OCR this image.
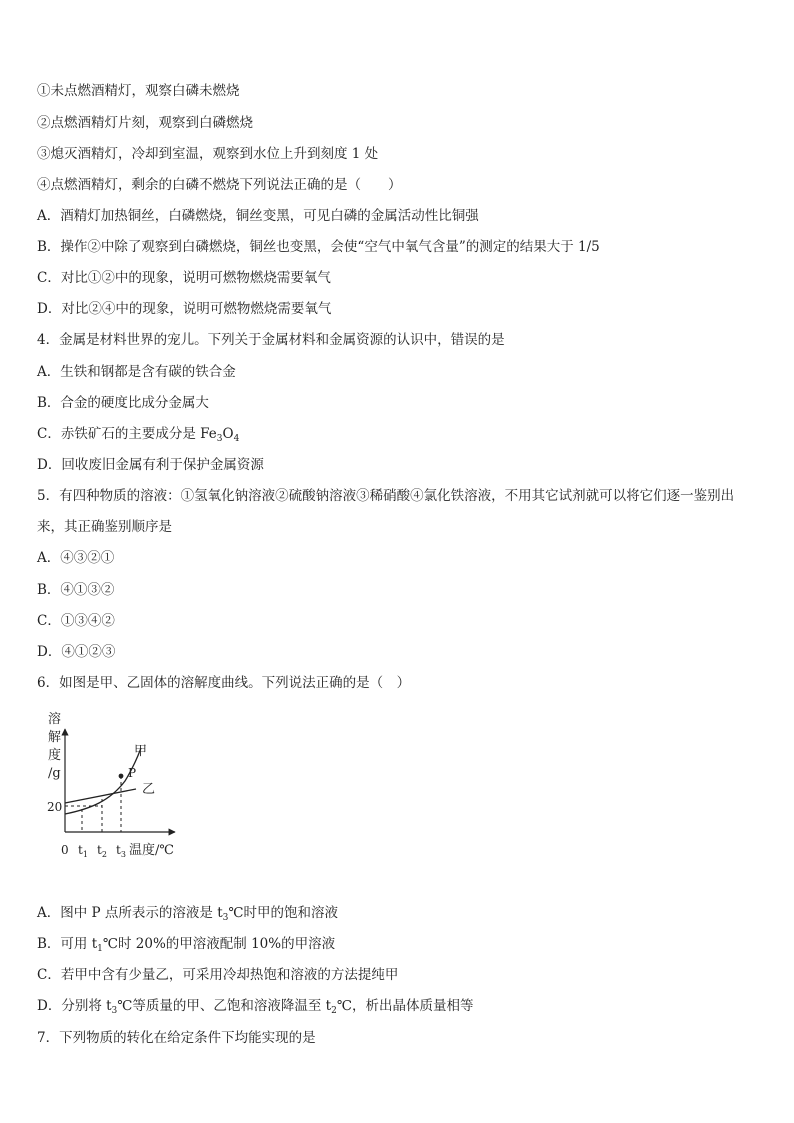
①未点燃酒精灯，观察白磷未燃烧
②点燃酒精灯片刻，观察到白磷燃烧
③熄灭酒精灯，冷却到室温，观察到水位上升到刻度 1 处
④点燃酒精灯，剩余的白磷不燃烧下列说法正确的是（　　）
A．酒精灯加热铜丝，白磷燃烧，铜丝变黑，可见白磷的金属活动性比铜强
B．操作②中除了观察到白磷燃烧，铜丝也变黑，会使“空气中氧气含量”的测定的结果大于 1/5
C．对比①②中的现象，说明可燃物燃烧需要氧气
D．对比②④中的现象，说明可燃物燃烧需要氧气
4．金属是材料世界的宠儿。下列关于金属材料和金属资源的认识中，错误的是
A．生铁和钢都是含有碳的铁合金
B．合金的硬度比成分金属大
C．赤铁矿石的主要成分是 $Fe_3O_4$
D．回收废旧金属有利于保护金属资源
5．有四种物质的溶液：①氢氧化钠溶液②硫酸钠溶液③稀硝酸④氯化铁溶液，不用其它试剂就可以将它们逐一鉴别出
来，其正确鉴别顺序是
A．④③②①
B．④①③②
C．①③④②
D．④①②③
6．如图是甲、乙固体的溶解度曲线。下列说法正确的是（　）
溶
解
度
/g
20
P
甲
乙
0 $t_1$ $t_2$ $t_3$ 温度/℃
A．图中 P 点所表示的溶液是 $t_3℃$时甲的饱和溶液
B．可用 $t_1℃$时 20%的甲溶液配制 10%的甲溶液
C．若甲中含有少量乙，可采用冷却热饱和溶液的方法提纯甲
D．分别将 $t_3℃$等质量的甲、乙饱和溶液降温至 $t_2℃$，析出晶体质量相等
7．下列物质的转化在给定条件下均能实现的是
